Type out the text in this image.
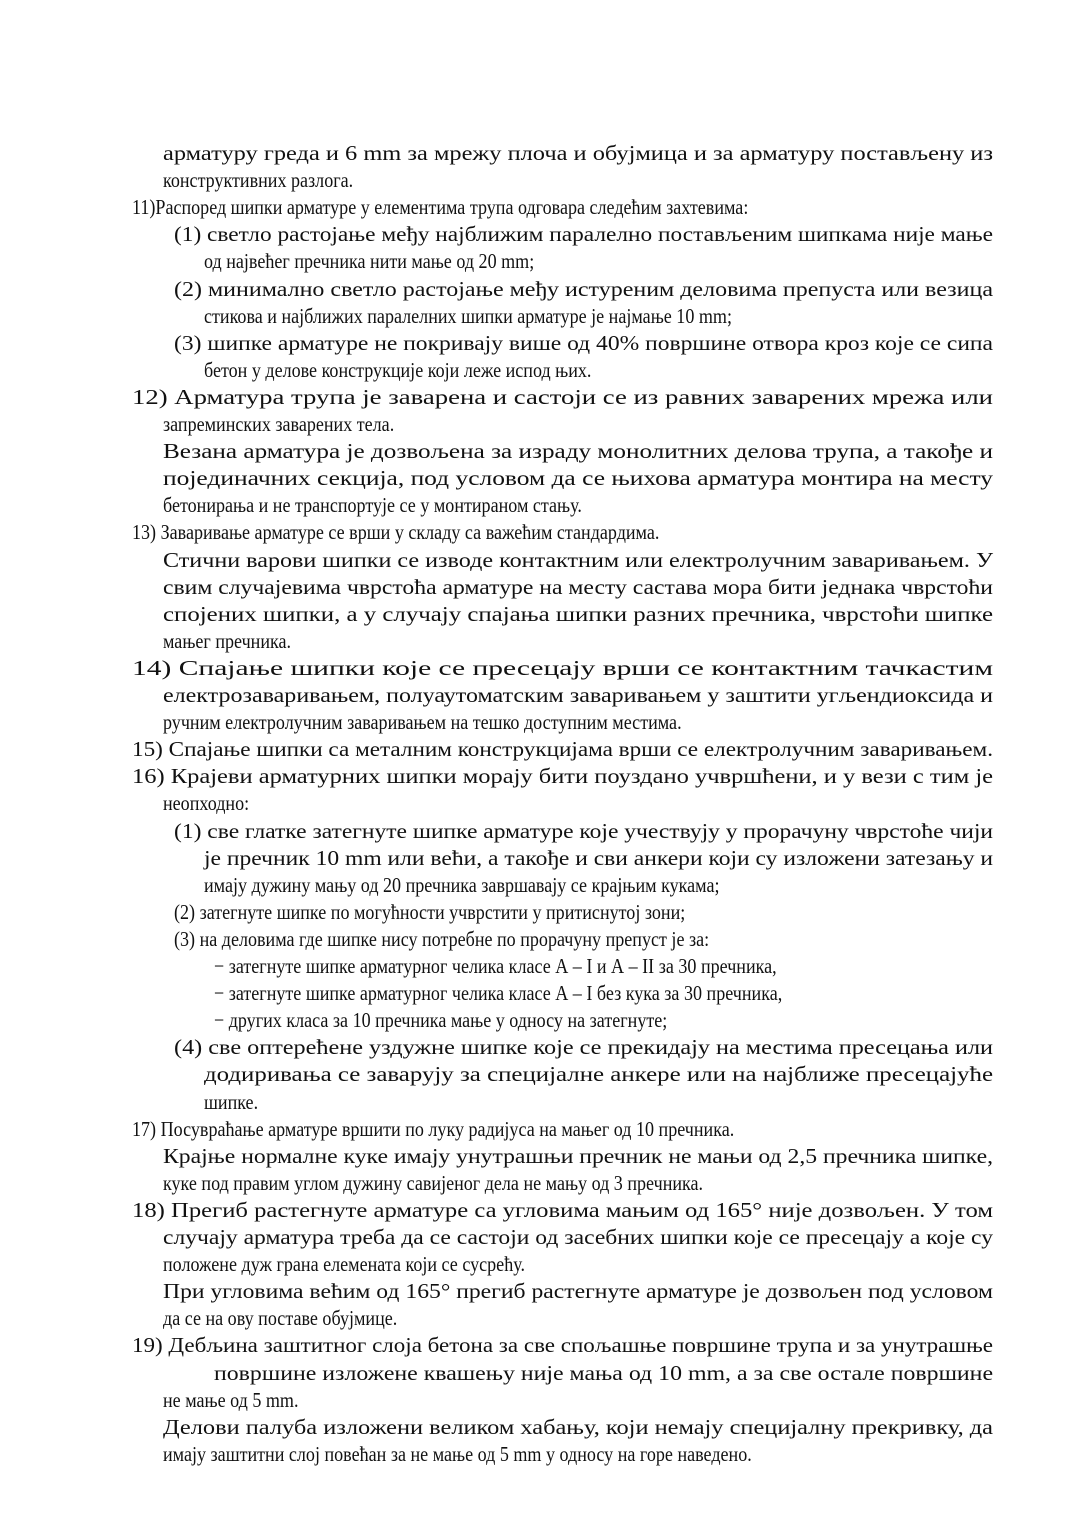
арматуру греда и 6 mm за мрежу плоча и обујмица и за арматуру постављену из
конструктивних разлога.
11)Распоред шипки арматуре у елементима трупа одговара следећим захтевима:
(1) светло растојање међу најближим паралелно постављеним шипкама није мање
од највећег пречника нити мање од 20 mm;
(2) минимално светло растојање међу истуреним деловима препуста или везица
стикова и најближих паралелних шипки арматуре је најмање 10 mm;
(3) шипке арматуре не покривају више од 40% површине отвора кроз које се сипа
бетон у делове конструкције који леже испод њих.
12) Арматура трупа је заварена и састоји се из равних заварених мрежа или
запреминских заварених тела.
Везана арматура је дозвољена за израду монолитних делова трупа, а такође и
појединачних секција, под условом да се њихова арматура монтира на месту
бетонирања и не транспортује се у монтираном стању.
13) Заваривање арматуре се врши у складу са важећим стандардима.
Стични варови шипки се изводе контактним или електролучним заваривањем. У
свим случајевима чврстоћа арматуре на месту састава мора бити једнака чврстоћи
спојених шипки, а у случају спајања шипки разних пречника, чврстоћи шипке
мањег пречника.
14) Спајање шипки које се пресецају врши се контактним тачкастим
електрозаваривањем, полуаутоматским заваривањем у заштити угљендиоксида и
ручним електролучним заваривањем на тешко доступним местима.
15) Спајање шипки са металним конструкцијама врши се електролучним заваривањем.
16) Крајеви арматурних шипки морају бити поуздано учвршћени, и у вези с тим је
неопходно:
(1) све глатке затегнуте шипке арматуре које учествују у прорачуну чврстоће чији
је пречник 10 mm или већи, а такође и сви анкери који су изложени затезању и
имају дужину мању од 20 пречника завршавају се крајњим кукама;
(2) затегнуте шипке по могућности учврстити у притиснутој зони;
(3) на деловима где шипке нису потребне по прорачуну препуст је за:
− затегнуте шипке арматурног челика класе А – I и А – II за 30 пречника,
− затегнуте шипке арматурног челика класе А – I без кука за 30 пречника,
− других класа за 10 пречника мање у односу на затегнуте;
(4) све оптерећене уздужне шипке које се прекидају на местима пресецања или
додиривања се заварују за специјалне анкере или на најближе пресецајуће
шипке.
17) Посувраћање арматуре вршити по луку радијуса на мањег од 10 пречника.
Крајње нормалне куке имају унутрашњи пречник не мањи од 2,5 пречника шипке,
куке под правим углом дужину савијеног дела не мању од 3 пречника.
18) Прегиб растегнуте арматуре са угловима мањим од 165° није дозвољен. У том
случају арматура треба да се састоји од засебних шипки које се пресецају а које су
положене дуж грана елемената који се сусрећу.
При угловима већим од 165° прегиб растегнуте арматуре је дозвољен под условом
да се на ову поставе обујмице.
19) Дебљина заштитног слоја бетона за све спољашње површине трупа и за унутрашње
површине изложене квашењу није мања од 10 mm, а за све остале површине
не мање од 5 mm.
Делови палуба изложени великом хабању, који немају специјалну прекривку, да
имају заштитни слој повећан за не мање од 5 mm у односу на горе наведено.
